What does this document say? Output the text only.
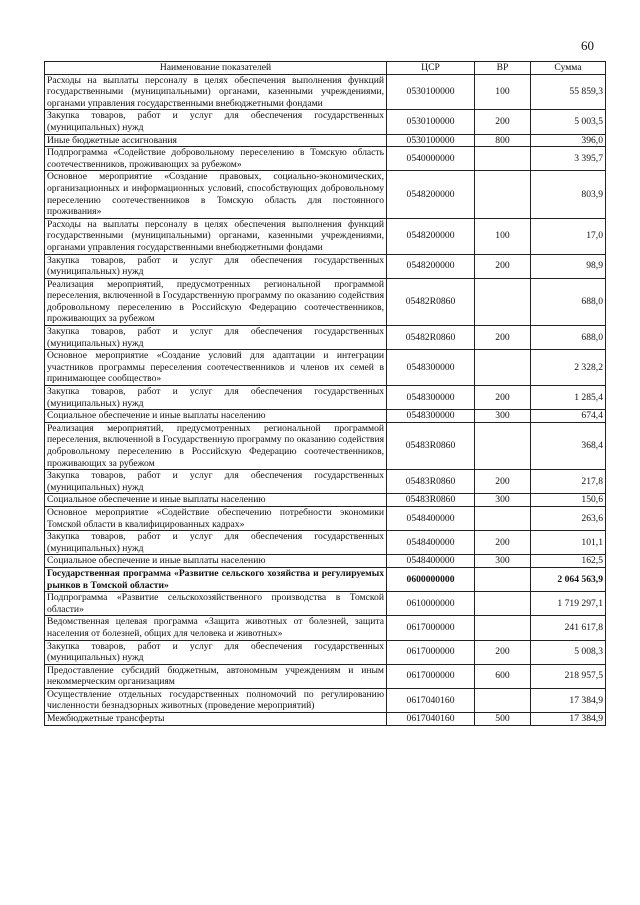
60
Наименование показателей	ЦСР	ВР	Сумма
Расходы на выплаты персоналу в целях обеспечения выполнения функций государственными (муниципальными) органами, казенными учреждениями, органами управления государственными внебюджетными фондами	0530100000	100	55 859,3
Закупка товаров, работ и услуг для обеспечения государственных (муниципальных) нужд	0530100000	200	5 003,5
Иные бюджетные ассигнования	0530100000	800	396,0
Подпрограмма «Содействие добровольному переселению в Томскую область соотечественников, проживающих за рубежом»	0540000000		3 395,7
Основное мероприятие «Создание правовых, социально-экономических, организационных и информационных условий, способствующих добровольному переселению соотечественников в Томскую область для постоянного проживания»	0548200000		803,9
Расходы на выплаты персоналу в целях обеспечения выполнения функций государственными (муниципальными) органами, казенными учреждениями, органами управления государственными внебюджетными фондами	0548200000	100	17,0
Закупка товаров, работ и услуг для обеспечения государственных (муниципальных) нужд	0548200000	200	98,9
Реализация мероприятий, предусмотренных региональной программой переселения, включенной в Государственную программу по оказанию содействия добровольному переселению в Российскую Федерацию соотечественников, проживающих за рубежом	05482R0860		688,0
Закупка товаров, работ и услуг для обеспечения государственных (муниципальных) нужд	05482R0860	200	688,0
Основное мероприятие «Создание условий для адаптации и интеграции участников программы переселения соотечественников и членов их семей в принимающее сообщество»	0548300000		2 328,2
Закупка товаров, работ и услуг для обеспечения государственных (муниципальных) нужд	0548300000	200	1 285,4
Социальное обеспечение и иные выплаты населению	0548300000	300	674,4
Реализация мероприятий, предусмотренных региональной программой переселения, включенной в Государственную программу по оказанию содействия добровольному переселению в Российскую Федерацию соотечественников, проживающих за рубежом	05483R0860		368,4
Закупка товаров, работ и услуг для обеспечения государственных (муниципальных) нужд	05483R0860	200	217,8
Социальное обеспечение и иные выплаты населению	05483R0860	300	150,6
Основное мероприятие «Содействие обеспечению потребности экономики Томской области в квалифицированных кадрах»	0548400000		263,6
Закупка товаров, работ и услуг для обеспечения государственных (муниципальных) нужд	0548400000	200	101,1
Социальное обеспечение и иные выплаты населению	0548400000	300	162,5
Государственная программа «Развитие сельского хозяйства и регулируемых рынков в Томской области»	0600000000		2 064 563,9
Подпрограмма «Развитие сельскохозяйственного производства в Томской области»	0610000000		1 719 297,1
Ведомственная целевая программа «Защита животных от болезней, защита населения от болезней, общих для человека и животных»	0617000000		241 617,8
Закупка товаров, работ и услуг для обеспечения государственных (муниципальных) нужд	0617000000	200	5 008,3
Предоставление субсидий бюджетным, автономным учреждениям и иным некоммерческим организациям	0617000000	600	218 957,5
Осуществление отдельных государственных полномочий по регулированию численности безнадзорных животных (проведение мероприятий)	0617040160		17 384,9
Межбюджетные трансферты	0617040160	500	17 384,9
